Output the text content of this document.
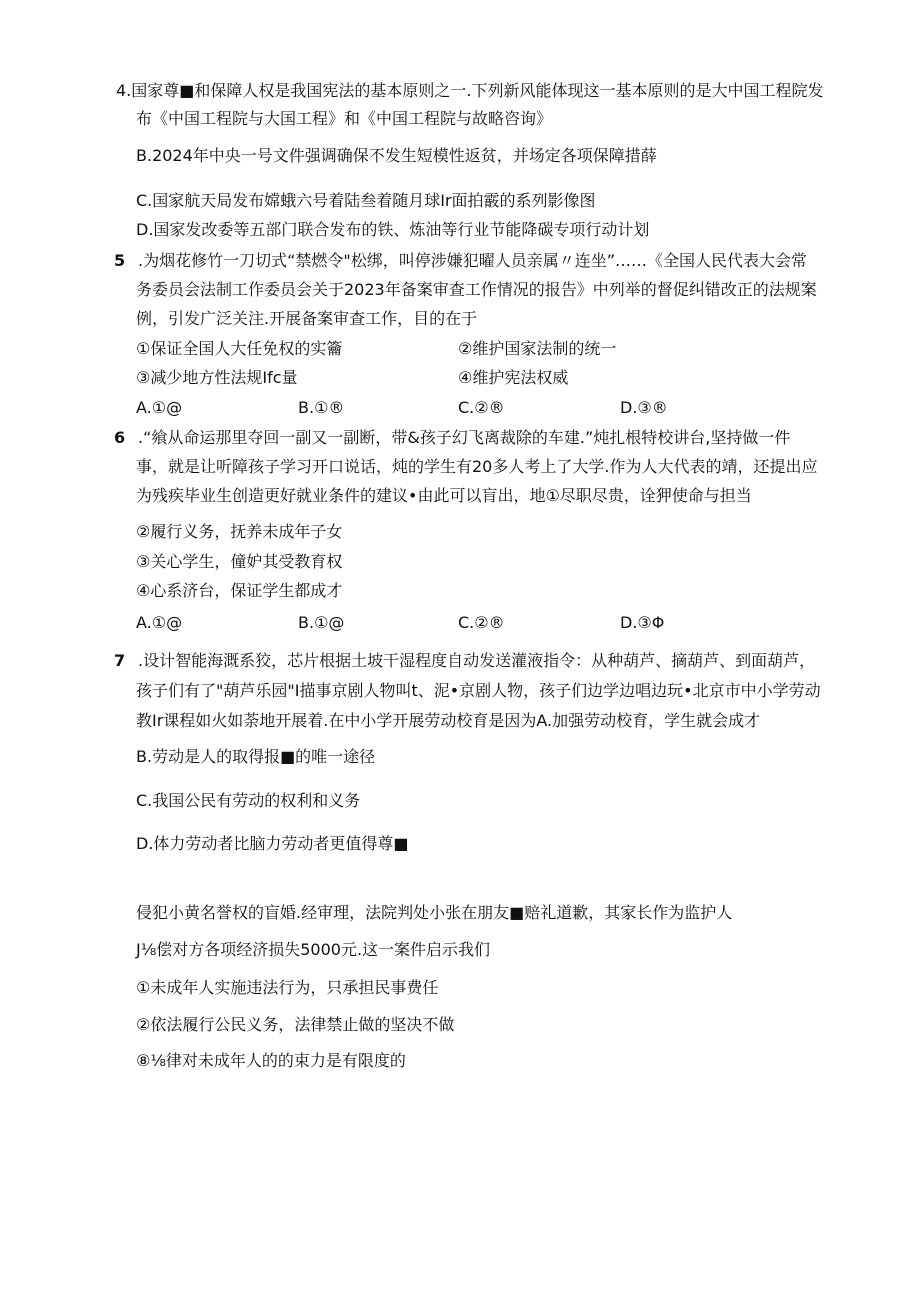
4.国家尊■和保障人权是我国宪法的基本原则之一.下列新风能体现这一基本原则的是大中国工程院发
布《中国工程院与大国工程》和《中国工程院与故略咨询》
B.2024年中央一号文件强调确保不发生短模性返贫，并场定各项保障措薛
C.国家航天局发布嫦蛾六号着陆叁着随月球Ir面拍霰的系列影像图
D.国家发改委等五部门联合发布的铁、炼油等行业节能降碳专项行动计划
5 .为烟花修竹一刀切式“禁燃令"松绑，叫停涉嫌犯曜人员亲属〃连坐”……《全国人民代表大会常
务委员会法制工作委员会关于2023年备案审查工作情况的报告》中列举的督促纠错改正的法规案
例，引发广泛关注.开展备案审查工作，目的在于
①保证全国人大任免权的实籥	②维护国家法制的统一
③减少地方性法规Ifc量	④维护宪法权威
A.①@	B.①®	C.②®	D.③®
6 .“飨从命运那里夺回一副又一副断，带&孩子幻飞离裁除的车建.”炖扎根特校讲台,坚持做一件
事，就是让听障孩子学习开口说话，炖的学生有20多人考上了大学.作为人大代表的靖，还提出应
为残疾毕业生创造更好就业条件的建议•由此可以肓出，地①尽职尽贵，诠狎使命与担当
②履行义务，抚养未成年子女
③关心学生，僮妒其受教育权
④心系济台，保证学生都成才
A.①@	B.①@	C.②®	D.③Φ
7 .设计智能海溉系狡，芯片根据土坡干湿程度自动发送灌液指令：从种葫芦、摘葫芦、到面葫芦，
孩子们有了"葫芦乐园"I描事京剧人物叫t、泥•京剧人物，孩子们边学边唱边玩•北京市中小学劳动
教Ir课程如火如荼地开展着.在中小学开展劳动校育是因为A.加强劳动校育，学生就会成才
B.劳动是人的取得报■的唯一途径
C.我国公民有劳动的权利和义务
D.体力劳动者比脑力劳动者更值得尊■
侵犯小黄名誉权的盲婚.经审理，法院判处小张在朋友■赔礼道歉，其家长作为监护人
J⅛偿对方各项经济损失5000元.这一案件启示我们
①未成年人实施违法行为，只承担民事费任
②依法履行公民义务，法律禁止做的坚决不做
⑧⅛律对未成年人的的束力是有限度的
